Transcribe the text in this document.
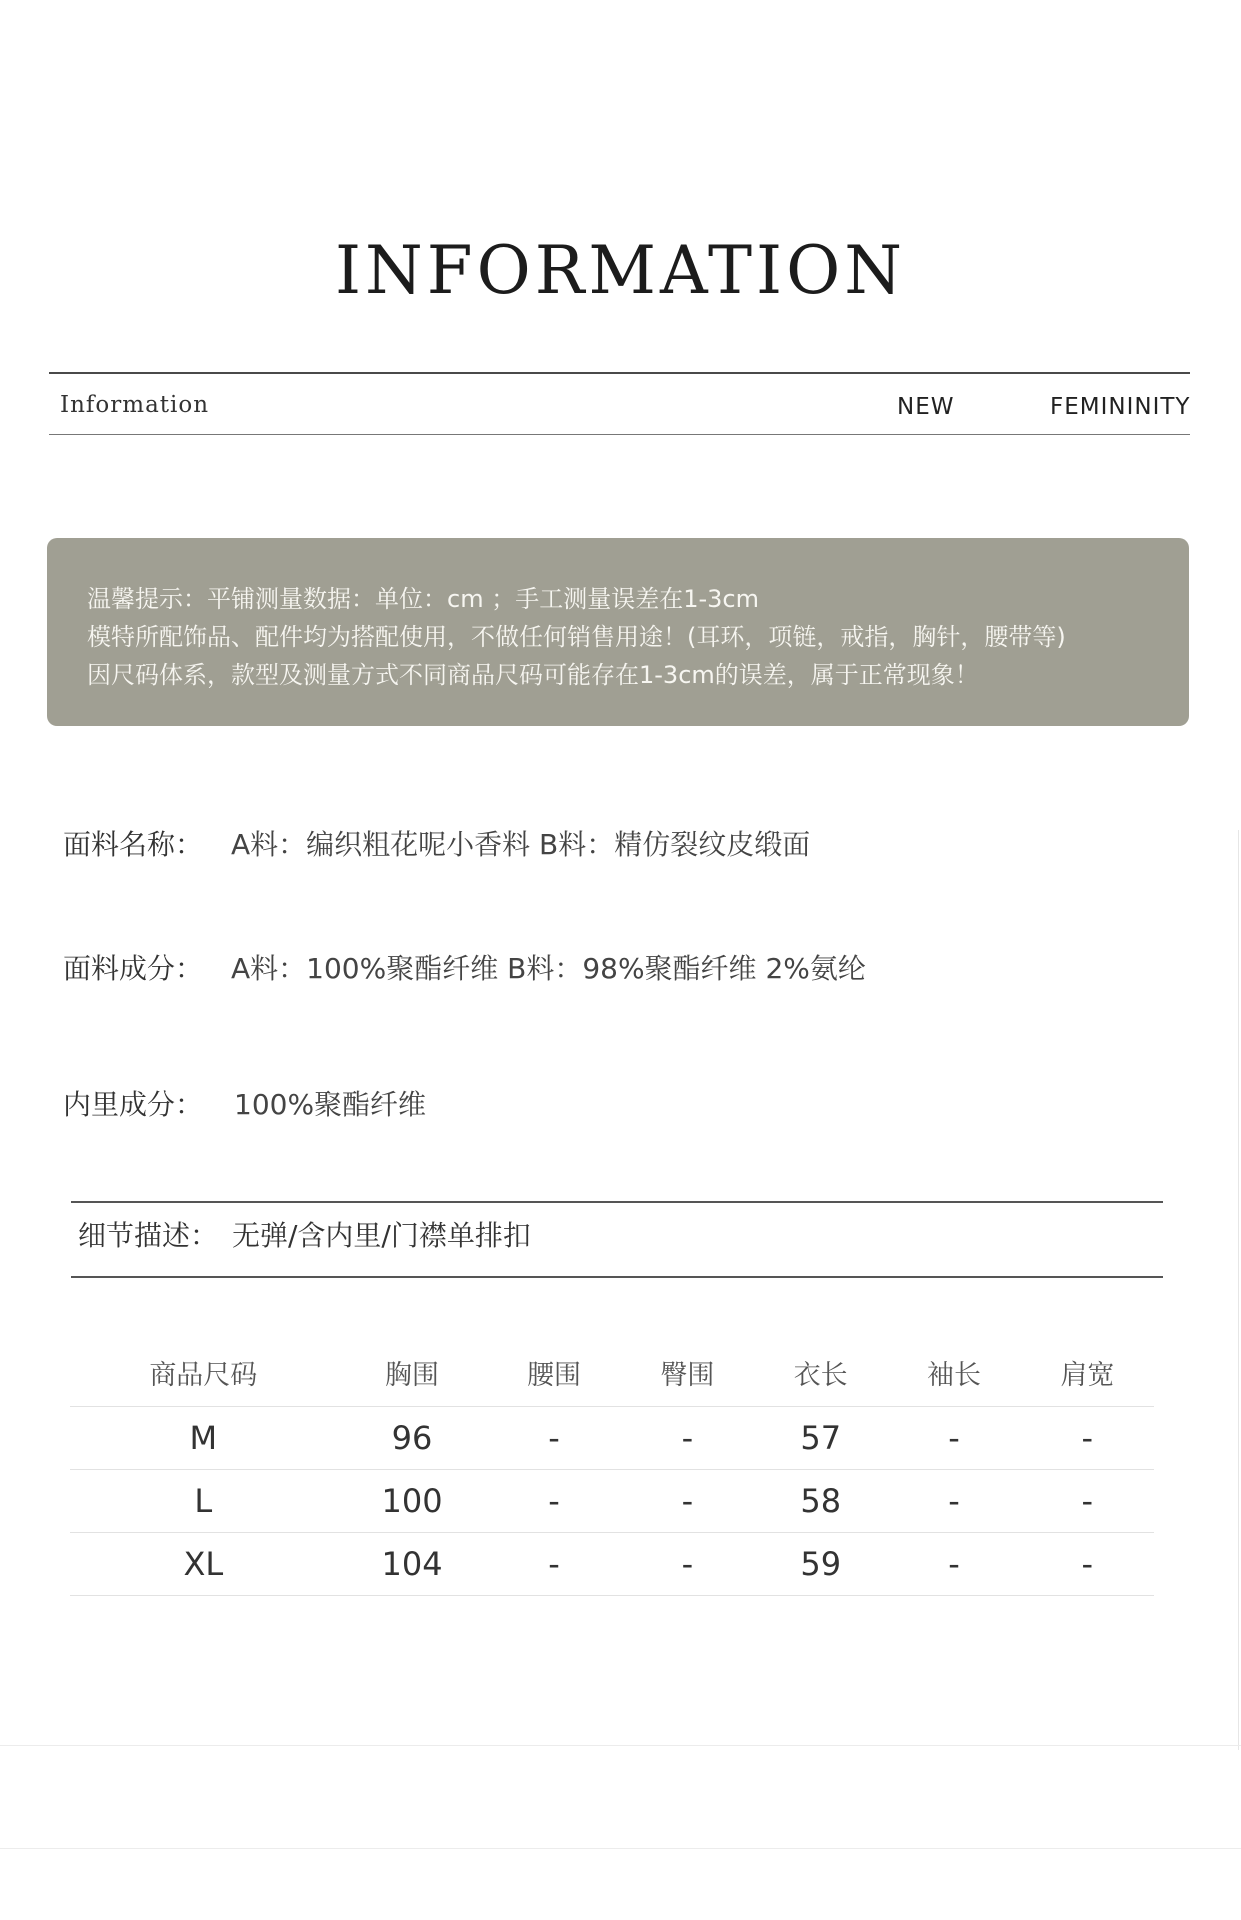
INFORMATION
Information	NEW	FEMININITY
温馨提示：平铺测量数据：单位：cm ；手工测量误差在1-3cm
模特所配饰品、配件均为搭配使用，不做任何销售用途！(耳环，项链，戒指，胸针，腰带等)
因尺码体系，款型及测量方式不同商品尺码可能存在1-3cm的误差，属于正常现象！
面料名称： A料：编织粗花呢小香料 B料：精仿裂纹皮缎面
面料成分： A料：100%聚酯纤维 B料：98%聚酯纤维 2%氨纶
内里成分： 100%聚酯纤维
细节描述： 无弹/含内里/门襟单排扣
商品尺码	胸围	腰围	臀围	衣长	袖长	肩宽
M	96	-	-	57	-	-
L	100	-	-	58	-	-
XL	104	-	-	59	-	-
